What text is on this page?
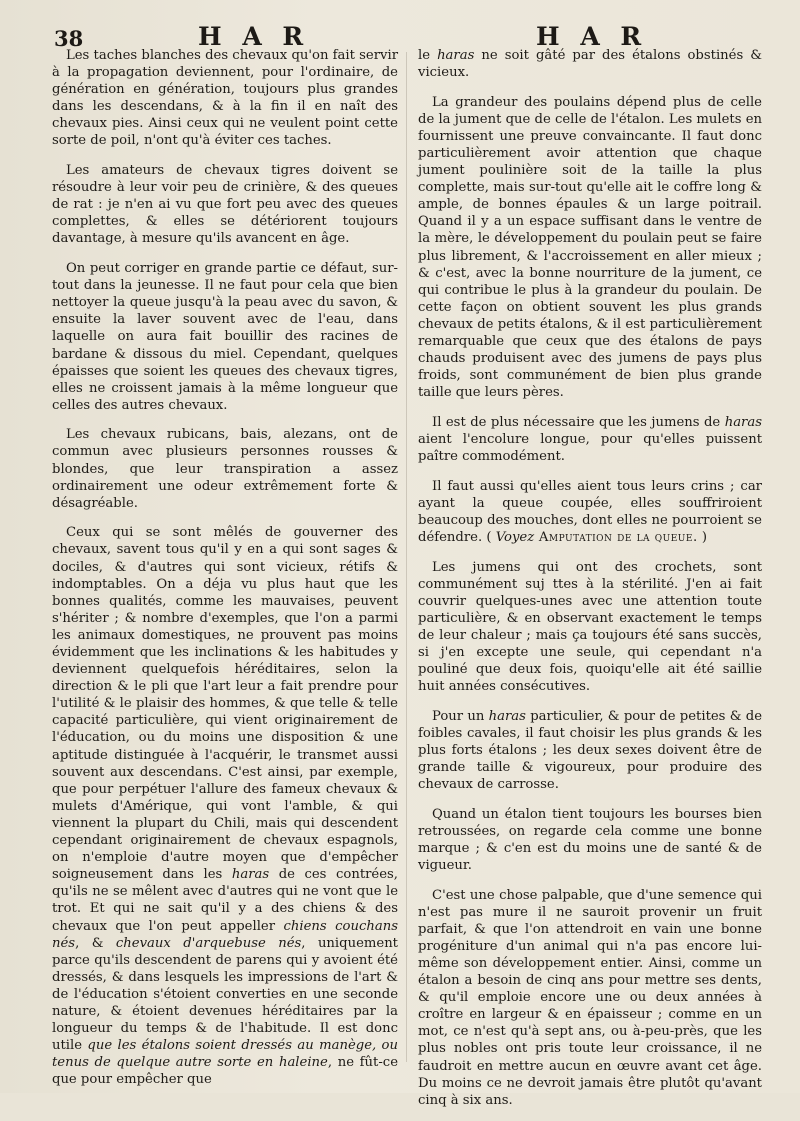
38	H A R	H A R

Les taches blanches des chevaux qu'on fait servir à la propagation deviennent, pour l'ordinaire, de génération en génération, toujours plus grandes dans les descendans, & à la fin il en naît des chevaux pies. Ainsi ceux qui ne veulent point cette sorte de poil, n'ont qu'à éviter ces taches.

Les amateurs de chevaux tigres doivent se résoudre à leur voir peu de crinière, & des queues de rat : je n'en ai vu que fort peu avec des queues complettes, & elles se détériorent toujours davantage, à mesure qu'ils avancent en âge.

On peut corriger en grande partie ce défaut, sur-tout dans la jeunesse. Il ne faut pour cela que bien nettoyer la queue jusqu'à la peau avec du savon, & ensuite la laver souvent avec de l'eau, dans laquelle on aura fait bouillir des racines de bardane & dissous du miel. Cependant, quelques épaisses que soient les queues des chevaux tigres, elles ne croissent jamais à la même longueur que celles des autres chevaux.

Les chevaux rubicans, bais, alezans, ont de commun avec plusieurs personnes rousses & blondes, que leur transpiration a assez ordinairement une odeur extrêmement forte & désagréable.

Ceux qui se sont mêlés de gouverner des chevaux, savent tous qu'il y en a qui sont sages & dociles, & d'autres qui sont vicieux, rétifs & indomptables. On a déja vu plus haut que les bonnes qualités, comme les mauvaises, peuvent s'hériter ; & nombre d'exemples, que l'on a parmi les animaux domestiques, ne prouvent pas moins évidemment que les inclinations & les habitudes y deviennent quelquefois héréditaires, selon la direction & le pli que l'art leur a fait prendre pour l'utilité & le plaisir des hommes, & que telle & telle capacité particulière, qui vient originairement de l'éducation, ou du moins une disposition & une aptitude distinguée à l'acquérir, le transmet aussi souvent aux descendans. C'est ainsi, par exemple, que pour perpétuer l'allure des fameux chevaux & mulets d'Amérique, qui vont l'amble, & qui viennent la plupart du Chili, mais qui descendent cependant originairement de chevaux espagnols, on n'emploie d'autre moyen que d'empêcher soigneusement dans les haras de ces contrées, qu'ils ne se mêlent avec d'autres qui ne vont que le trot. Et qui ne sait qu'il y a des chiens & des chevaux que l'on peut appeller chiens couchans nés, & chevaux d'arquebuse nés, uniquement parce qu'ils descendent de parens qui y avoient été dressés, & dans lesquels les impressions de l'art & de l'éducation s'étoient converties en une seconde nature, & étoient devenues héréditaires par la longueur du temps & de l'habitude. Il est donc utile que les étalons soient dressés au manège, ou tenus de quelque autre sorte en haleine, ne fût-ce que pour empêcher que

le haras ne soit gâté par des étalons obstinés & vicieux.

La grandeur des poulains dépend plus de celle de la jument que de celle de l'étalon. Les mulets en fournissent une preuve convaincante. Il faut donc particulièrement avoir attention que chaque jument poulinière soit de la taille la plus complette, mais sur-tout qu'elle ait le coffre long & ample, de bonnes épaules & un large poitrail. Quand il y a un espace suffisant dans le ventre de la mère, le développement du poulain peut se faire plus librement, & l'accroissement en aller mieux ; & c'est, avec la bonne nourriture de la jument, ce qui contribue le plus à la grandeur du poulain. De cette façon on obtient souvent les plus grands chevaux de petits étalons, & il est particulièrement remarquable que ceux que des étalons de pays chauds produisent avec des jumens de pays plus froids, sont communément de bien plus grande taille que leurs pères.

Il est de plus nécessaire que les jumens de haras aient l'encolure longue, pour qu'elles puissent paître commodément.

Il faut aussi qu'elles aient tous leurs crins ; car ayant la queue coupée, elles souffriroient beaucoup des mouches, dont elles ne pourroient se défendre. ( Voyez Amputation de la queue. )

Les jumens qui ont des crochets, sont communément suj ttes à la stérilité. J'en ai fait couvrir quelques-unes avec une attention toute particulière, & en observant exactement le temps de leur chaleur ; mais ça toujours été sans succès, si j'en excepte une seule, qui cependant n'a pouliné que deux fois, quoiqu'elle ait été saillie huit années consécutives.

Pour un haras particulier, & pour de petites & de foibles cavales, il faut choisir les plus grands & les plus forts étalons ; les deux sexes doivent être de grande taille & vigoureux, pour produire des chevaux de carrosse.

Quand un étalon tient toujours les bourses bien retroussées, on regarde cela comme une bonne marque ; & c'en est du moins une de santé & de vigueur.

C'est une chose palpable, que d'une semence qui n'est pas mure il ne sauroit provenir un fruit parfait, & que l'on attendroit en vain une bonne progéniture d'un animal qui n'a pas encore lui-même son développement entier. Ainsi, comme un étalon a besoin de cinq ans pour mettre ses dents, & qu'il emploie encore une ou deux années à croître en largeur & en épaisseur ; comme en un mot, ce n'est qu'à sept ans, ou à-peu-près, que les plus nobles ont pris toute leur croissance, il ne faudroit en mettre aucun en œuvre avant cet âge. Du moins ce ne devroit jamais être plutôt qu'avant cinq à six ans.
